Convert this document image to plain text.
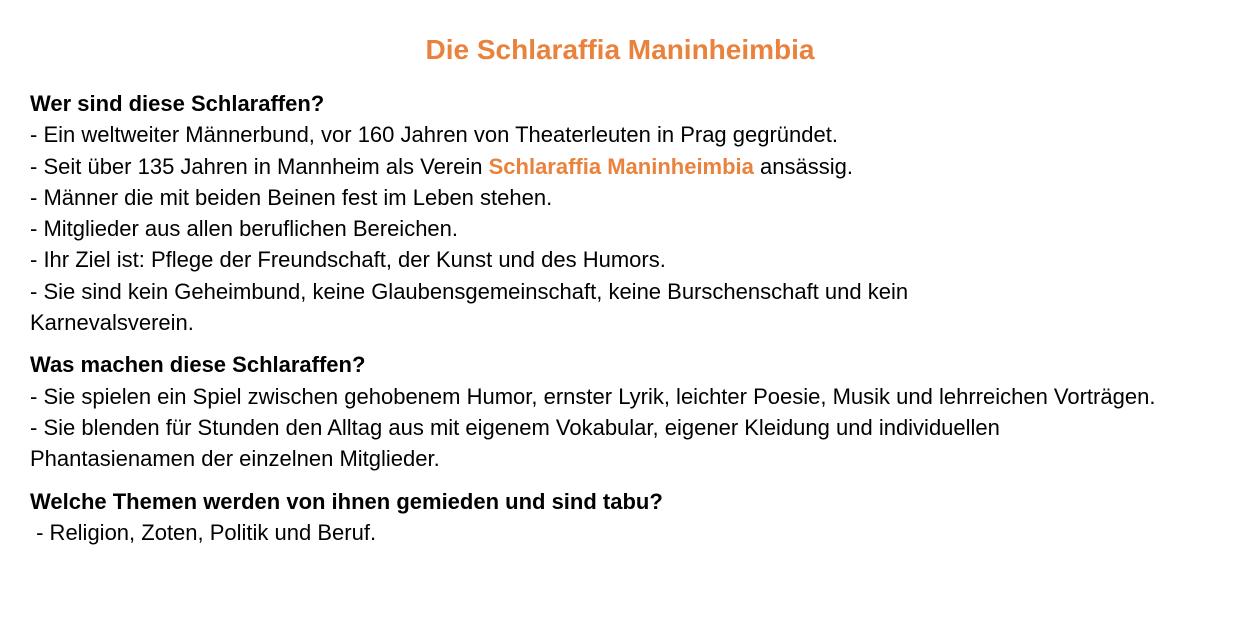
Die Schlaraffia Maninheimbia

Wer sind diese Schlaraffen?

- Ein weltweiter Männerbund, vor 160 Jahren von Theaterleuten in Prag gegründet.

- Seit über 135 Jahren in Mannheim als Verein Schlaraffia Maninheimbia ansässig.

- Männer die mit beiden Beinen fest im Leben stehen.

- Mitglieder aus allen beruflichen Bereichen.

- Ihr Ziel ist: Pflege der Freundschaft, der Kunst und des Humors.

- Sie sind kein Geheimbund, keine Glaubensgemeinschaft, keine Burschenschaft und kein Karnevalsverein.

Was machen diese Schlaraffen?

- Sie spielen ein Spiel zwischen gehobenem Humor, ernster Lyrik, leichter Poesie, Musik und lehrreichen Vorträgen.

- Sie blenden für Stunden den Alltag aus mit eigenem Vokabular, eigener Kleidung und individuellen Phantasienamen der einzelnen Mitglieder.

Welche Themen werden von ihnen gemieden und sind tabu?

- Religion, Zoten, Politik und Beruf.
